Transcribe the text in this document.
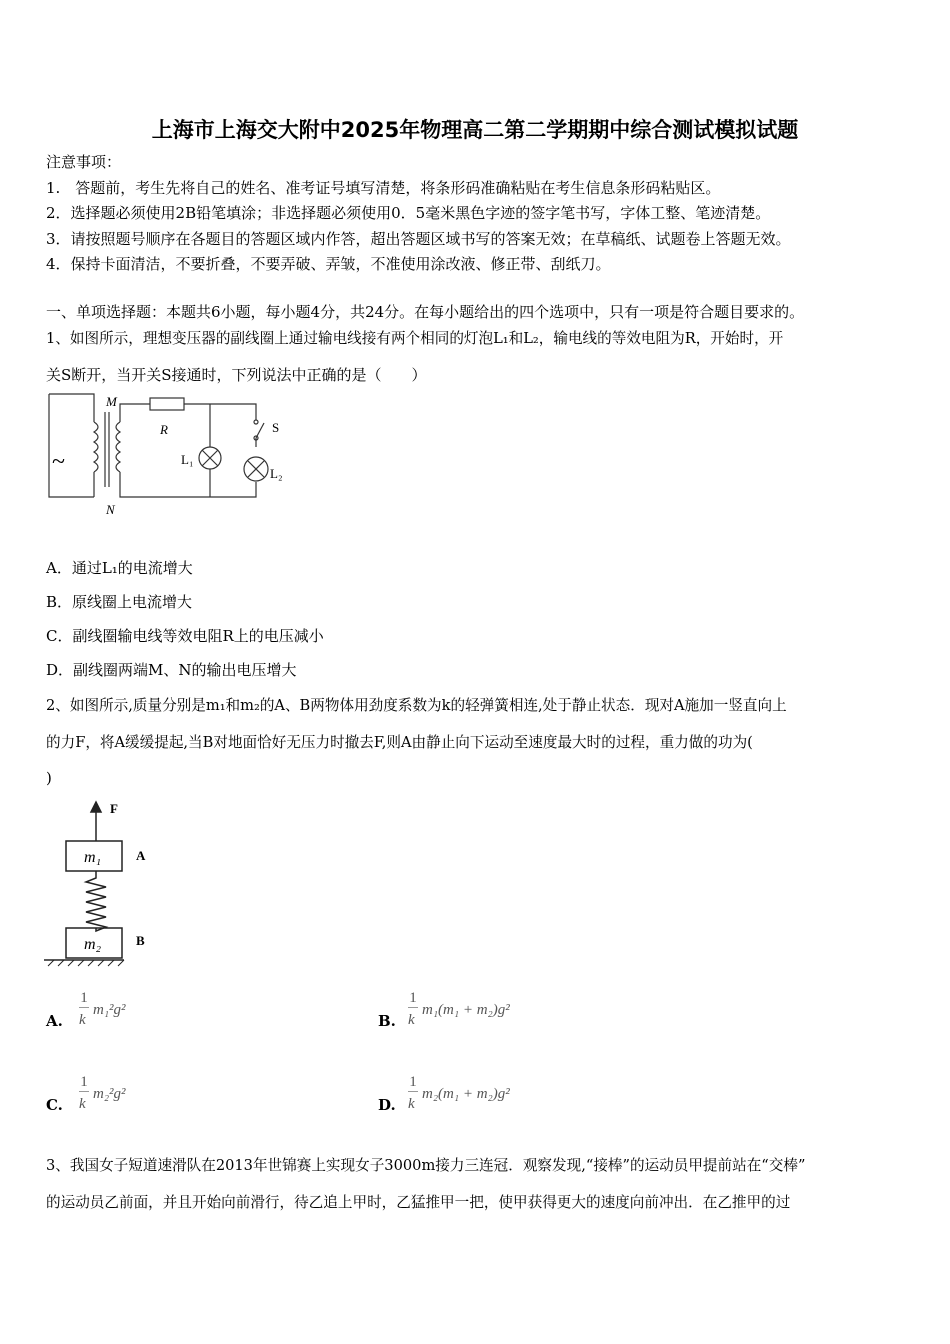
上海市上海交大附中2025年物理高二第二学期期中综合测试模拟试题
注意事项：
1.　答题前，考生先将自己的姓名、准考证号填写清楚，将条形码准确粘贴在考生信息条形码粘贴区。
2．选择题必须使用2B铅笔填涂；非选择题必须使用0．5毫米黑色字迹的签字笔书写，字体工整、笔迹清楚。
3．请按照题号顺序在各题目的答题区域内作答，超出答题区域书写的答案无效；在草稿纸、试题卷上答题无效。
4．保持卡面清洁，不要折叠，不要弄破、弄皱，不准使用涂改液、修正带、刮纸刀。
一、单项选择题：本题共6小题，每小题4分，共24分。在每小题给出的四个选项中，只有一项是符合题目要求的。
1、如图所示，理想变压器的副线圈上通过输电线接有两个相同的灯泡L₁和L₂，输电线的等效电阻为R，开始时，开
关S断开，当开关S接通时，下列说法中正确的是（　　）
M
N
R	S
L₁
L₂
~
A．通过L₁的电流增大
B．原线圈上电流增大
C．副线圈输电线等效电阻R上的电压减小
D．副线圈两端M、N的输出电压增大
2、如图所示,质量分别是m₁和m₂的A、B两物体用劲度系数为k的轻弹簧相连,处于静止状态．现对A施加一竖直向上
的力F，将A缓缓提起,当B对地面恰好无压力时撤去F,则A由静止向下运动至速度最大时的过程，重力做的功为(
)
F
A
B
m₁
m₂
A.
1
k
m₁²g²
B.
1
k
m₁(m₁ + m₂)g²
C.
1
k
m₂²g²
D.
1
k
m₂(m₁ + m₂)g²
3、我国女子短道速滑队在2013年世锦赛上实现女子3000m接力三连冠．观察发现,“接棒”的运动员甲提前站在“交棒”
的运动员乙前面，并且开始向前滑行，待乙追上甲时，乙猛推甲一把，使甲获得更大的速度向前冲出．在乙推甲的过
